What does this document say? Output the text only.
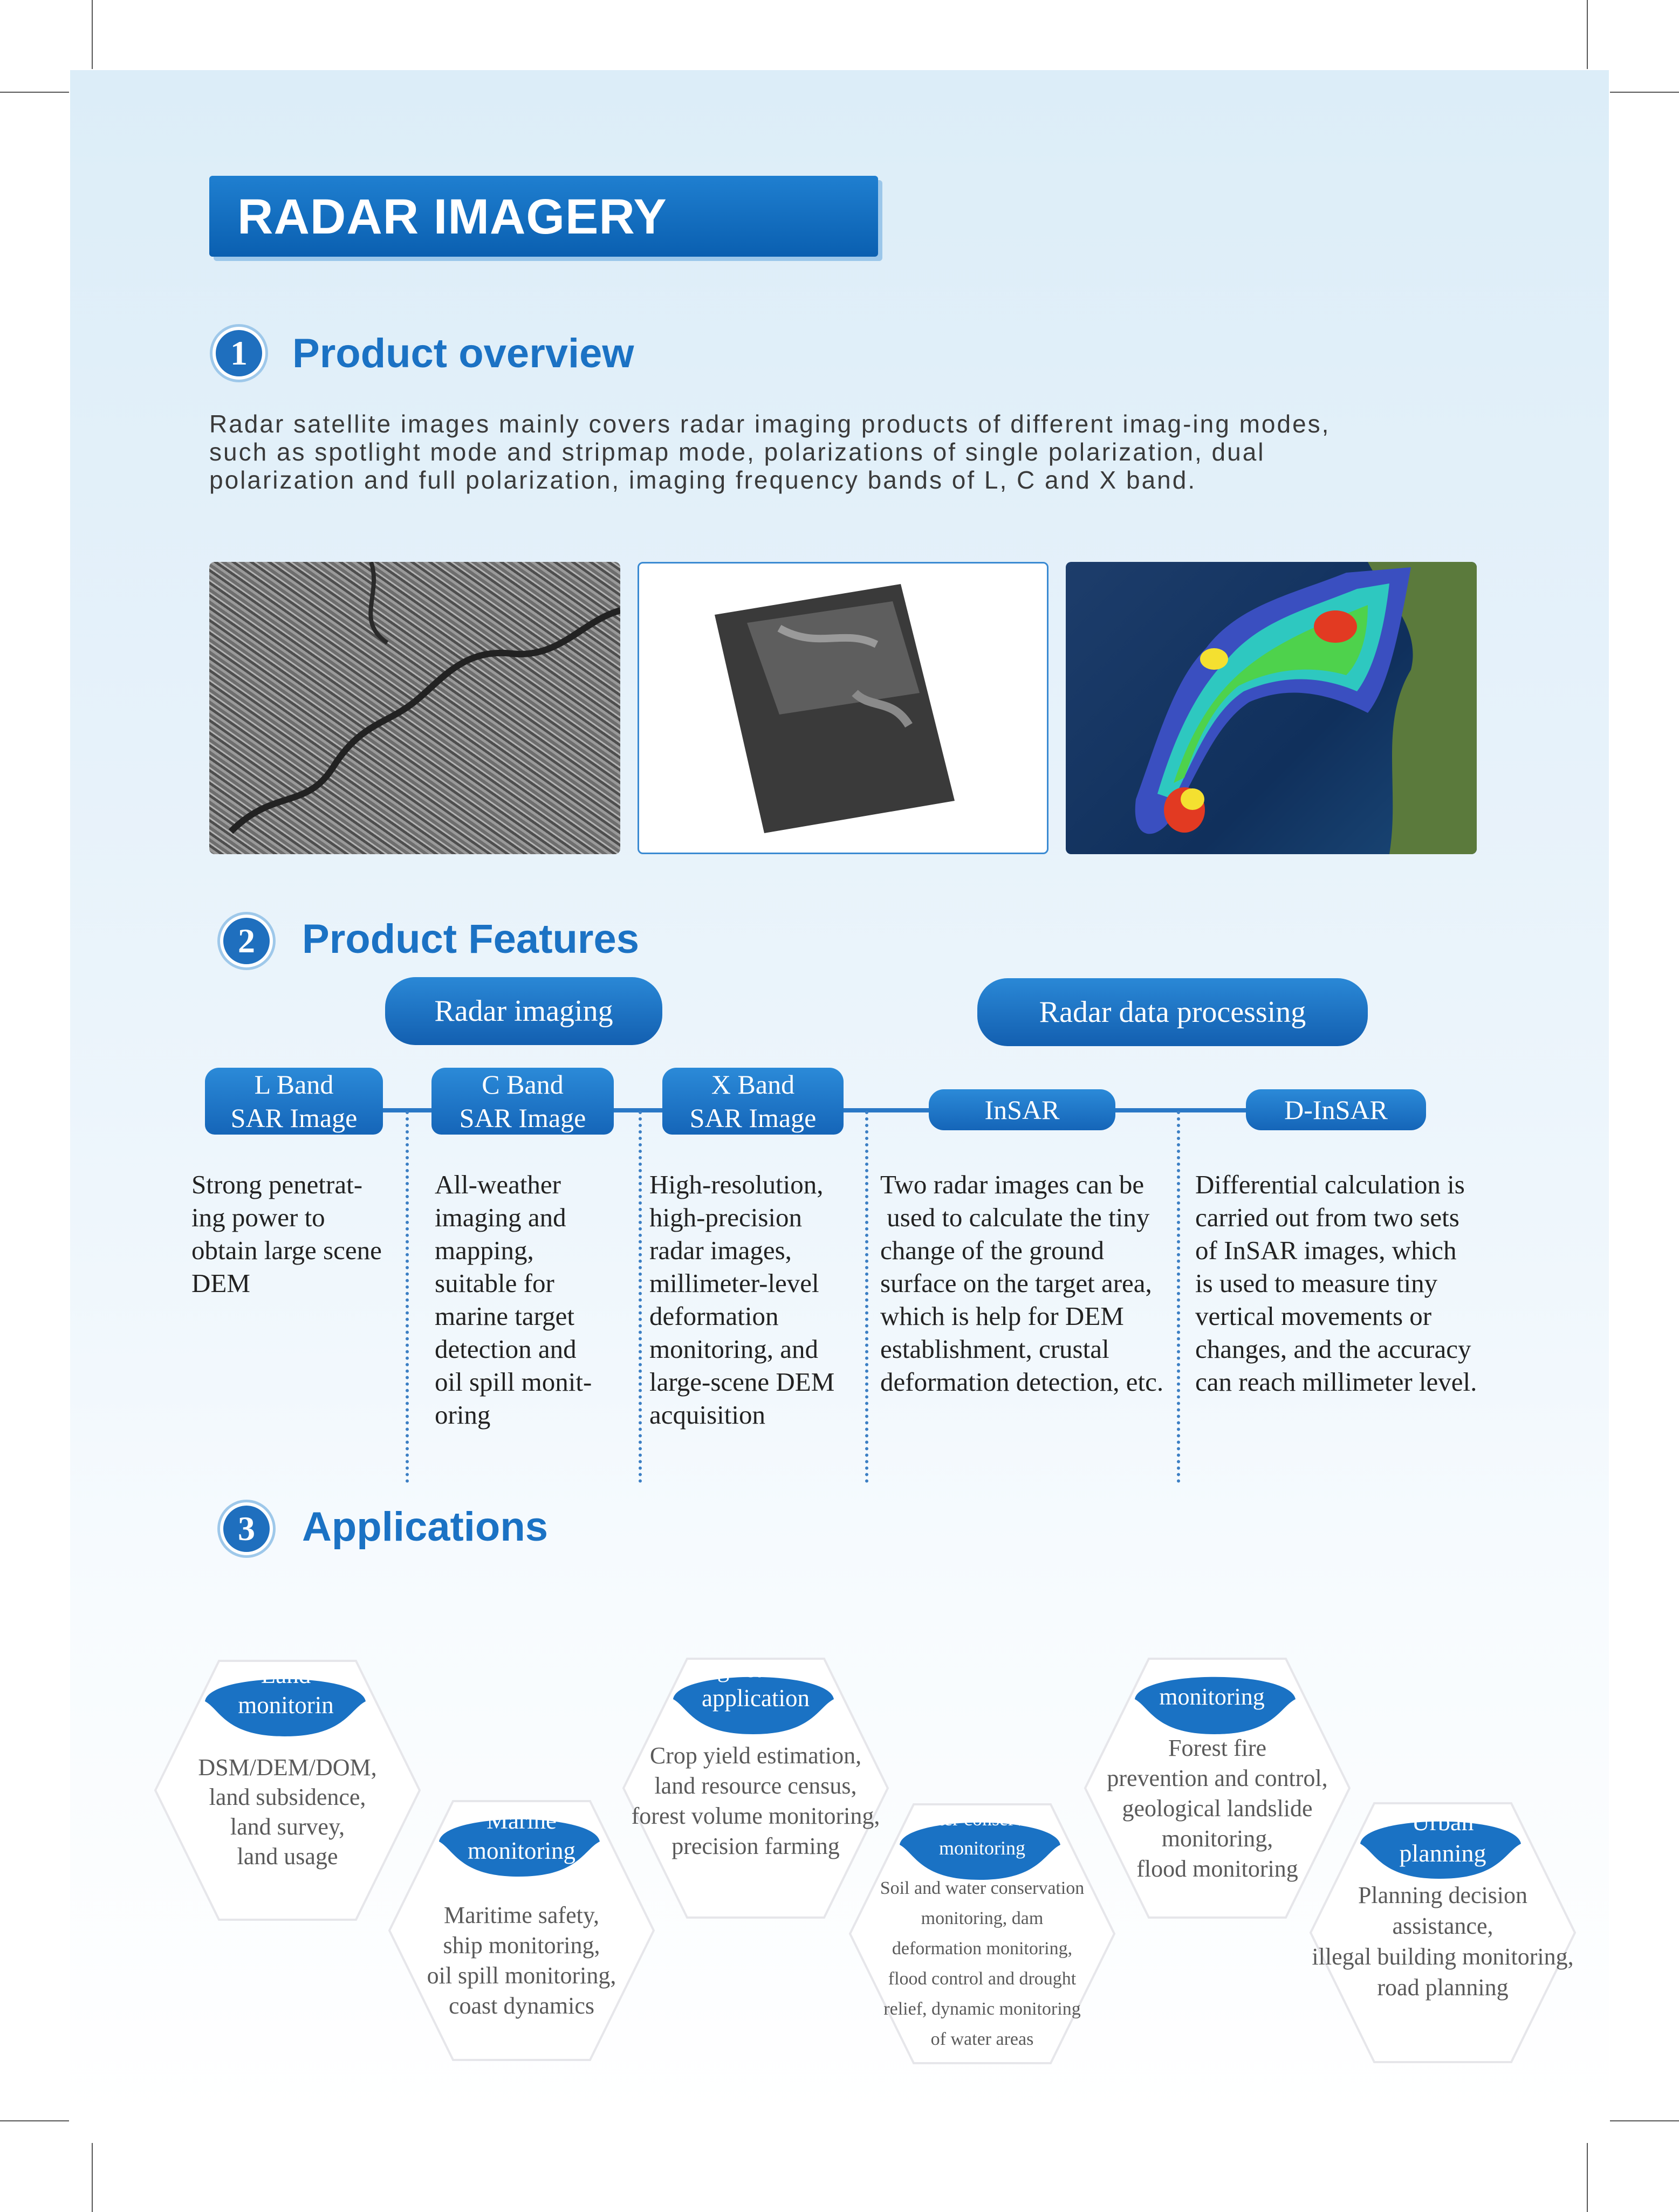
RADAR IMAGERY
1	Product overview
Radar satellite images mainly covers radar imaging products of different imag-ing modes,
such as spotlight mode and stripmap mode, polarizations of single polarization, dual
polarization and full polarization, imaging frequency bands of L, C and X band.
2	Product Features
Radar imaging	Radar data processing
L Band
SAR Image
C Band
SAR Image
X Band
SAR Image	InSAR	D-InSAR
Strong penetrat-
ing power to
obtain large scene
DEM
All-weather
imaging and
mapping,
suitable for
marine target
detection and
oil spill monit-
oring
High-resolution,
high-precision
radar images,
millimeter-level
deformation
monitoring, and
large-scene DEM
acquisition
Two radar images can be
used to calculate the tiny
change of the ground
surface on the target area,
which is help for DEM
establishment, crustal
deformation detection, etc.
Differential calculation is
carried out from two sets
of InSAR images, which
is used to measure tiny
vertical movements or
changes, and the accuracy
can reach millimeter level.
3	Applications
Land
monitorin
DSM/DEM/DOM,
land subsidence,
land survey,
land usage
Marine
monitoring
Maritime safety,
ship monitoring,
oil spill monitoring,
coast dynamics
Agriculture
application
Crop yield estimation,
land resource census,
forest volume monitoring,
precision farming
Water conservanc
monitoring
Soil and water conservation
monitoring, dam
deformation monitoring,
flood control and drought
relief, dynamic monitoring
of water areas
Disaster
monitoring
Forest fire
prevention and control,
geological landslide
monitoring,
flood monitoring
Urban
planning
Planning decision
assistance,
illegal building monitoring,
road planning
